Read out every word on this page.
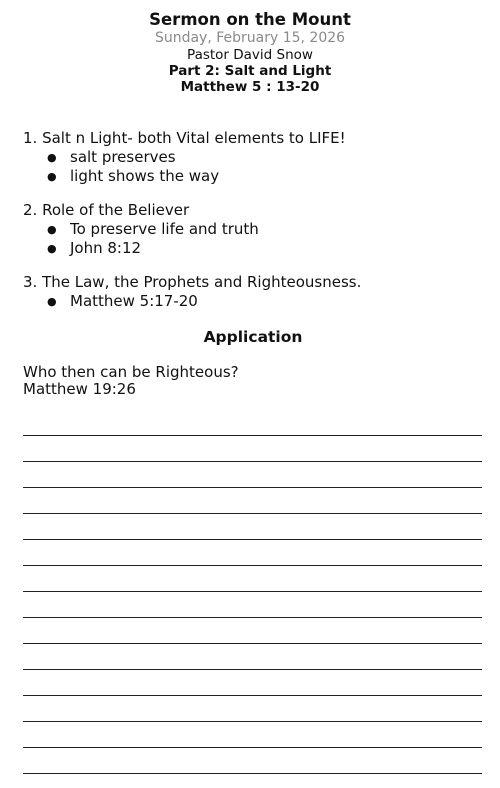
Sermon on the Mount
Sunday, February 15, 2026
Pastor David Snow
Part 2: Salt and Light
Matthew 5 : 13-20

1. Salt n Light- both Vital elements to LIFE!

● salt preserves
● light shows the way

2. Role of the Believer

● To preserve life and truth
● John 8:12

3. The Law, the Prophets and Righteousness.

● Matthew 5:17-20
Application
Who then can be Righteous?
Matthew 19:26
